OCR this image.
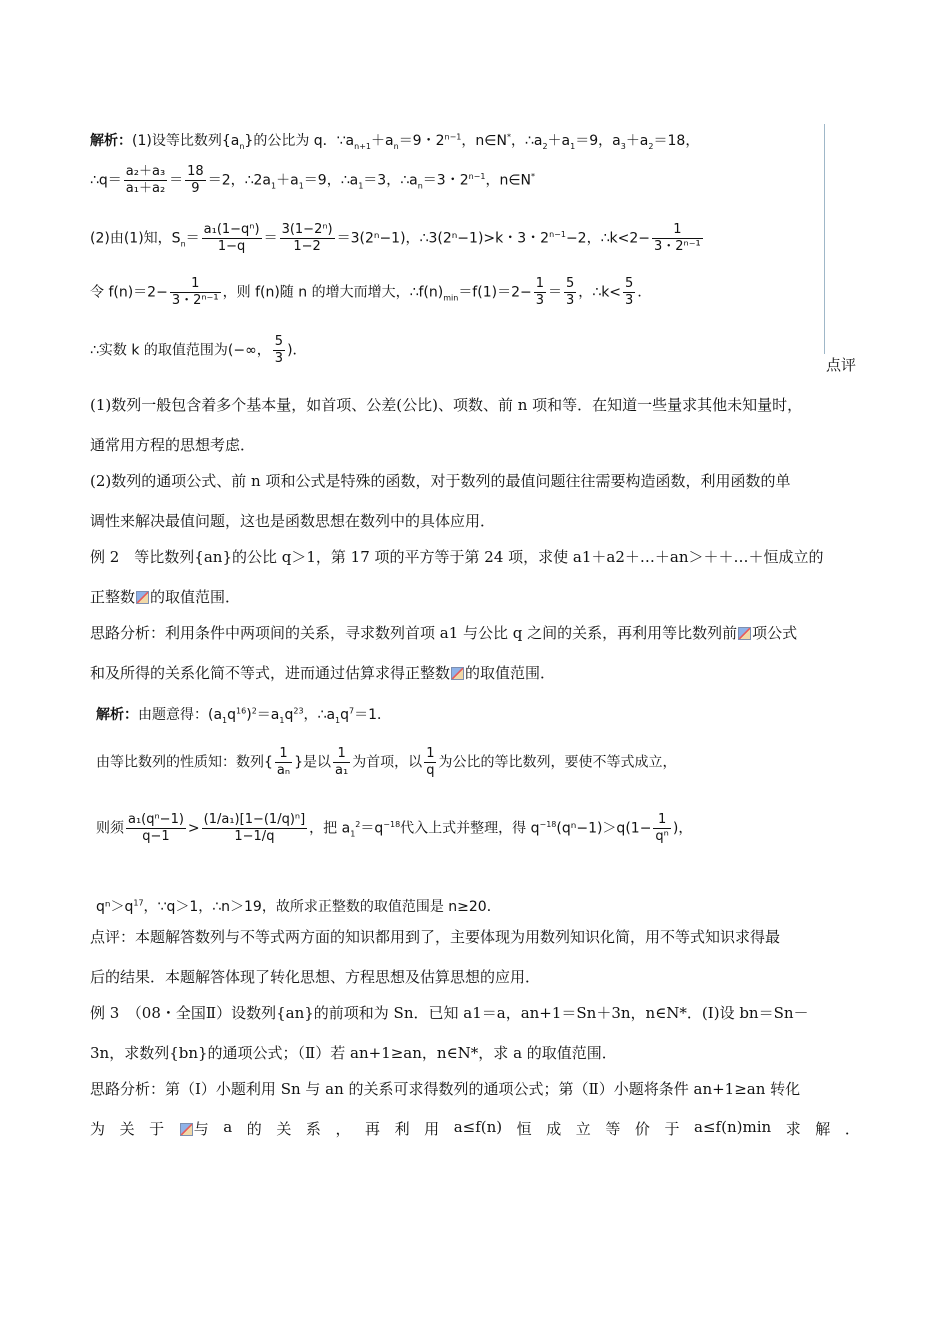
解析：(1)设等比数列$\{a_n\}$的公比为 q．$\because a_{n+1}+a_n=9$・$2^{n-1}$，n∈N*，$\therefore a_2+a_1=9$，$a_3+a_2=18$，
∴q＝ $\frac{\text{a₂＋a₃}}{\text{a₁＋a₂}} = \frac{18}{9} =2$，$\therefore 2a_1+a_1=9$，$\therefore a_1=3$，$\therefore a_n=3$・$2^{n-1}$，n∈N*
(2)由(1)知，$S_n= \frac{\text{a₁(1−qⁿ)}}{1-q} = \frac{\text{3(1−2ⁿ)}}{1-2} =3(2^n-1)$，∴3(2ⁿ−1)>k・3・$2^{n-1}-2$，∴k<2− $\frac{1}{\text{3・2ⁿ⁻¹}}$
令 $f(n)=2- \frac{1}{\text{3・2ⁿ⁻¹}}$ ，则 f(n)随 n 的增大而增大，$\therefore f(n)_{min}=f(1)=2- \frac{1}{3} = \frac{5}{3}$ ，∴k< $\frac{5}{3}$ ．
∴实数 k 的取值范围为(−∞， $\frac{5}{3}$ )．
点评
(1)数列一般包含着多个基本量，如首项、公差(公比)、项数、前 n 项和等．在知道一些量求其他未知量时，
通常用方程的思想考虑．
(2)数列的通项公式、前 n 项和公式是特殊的函数，对于数列的最值问题往往需要构造函数，利用函数的单
调性来解决最值问题，这也是函数思想在数列中的具体应用．
例 2　等比数列{an}的公比 q＞1，第 17 项的平方等于第 24 项，求使 a1＋a2＋…＋an＞＋＋…＋恒成立的
正整数 的取值范围．
思路分析：利用条件中两项间的关系，寻求数列首项 a1 与公比 q 之间的关系，再利用等比数列前 项公式
和及所得的关系化简不等式，进而通过估算求得正整数 的取值范围．
解析：由题意得：$(a_1q^{16})^2=a_1q^{23}$，$\therefore a_1q^7=1$．
由等比数列的性质知：数列{ $\frac{1}{\text{aₙ}}$ }是以 $\frac{1}{\text{a₁}}$ 为首项，以 $\frac{1}{q}$ 为公比的等比数列，要使不等式成立，
则须 $\frac{\text{a₁(qⁿ−1)}}{q-1} > \frac{\text{(1/a₁)[1−(1/q)ⁿ]}}{1-1/q}$ ，把 $a_1^2=q^{-18}$代入上式并整理，得 $q^{-18}(q^n-1)>q(1- \frac{1}{\text{qⁿ}}$ )，
$q^n>q^{17}$，∵q＞1，∴n＞19，故所求正整数的取值范围是 n≥20．
点评：本题解答数列与不等式两方面的知识都用到了，主要体现为用数列知识化简，用不等式知识求得最
后的结果．本题解答体现了转化思想、方程思想及估算思想的应用．
例 3　（08・全国Ⅱ）设数列{an}的前项和为 Sn．已知 a1＝a，an+1＝Sn＋3n，n∈N*．(Ⅰ)设 bn＝Sn－
3n，求数列{bn}的通项公式；（Ⅱ）若 an+1≥an，n∈N*，求 a 的取值范围．
思路分析：第（Ⅰ）小题利用 Sn 与 an 的关系可求得数列的通项公式；第（Ⅱ）小题将条件 an+1≥an 转化
为 关 于	与 a 的 关 系 ， 再 利 用 a≤f(n) 恒 成 立 等 价 于 a≤f(n)min 求 解 ．
